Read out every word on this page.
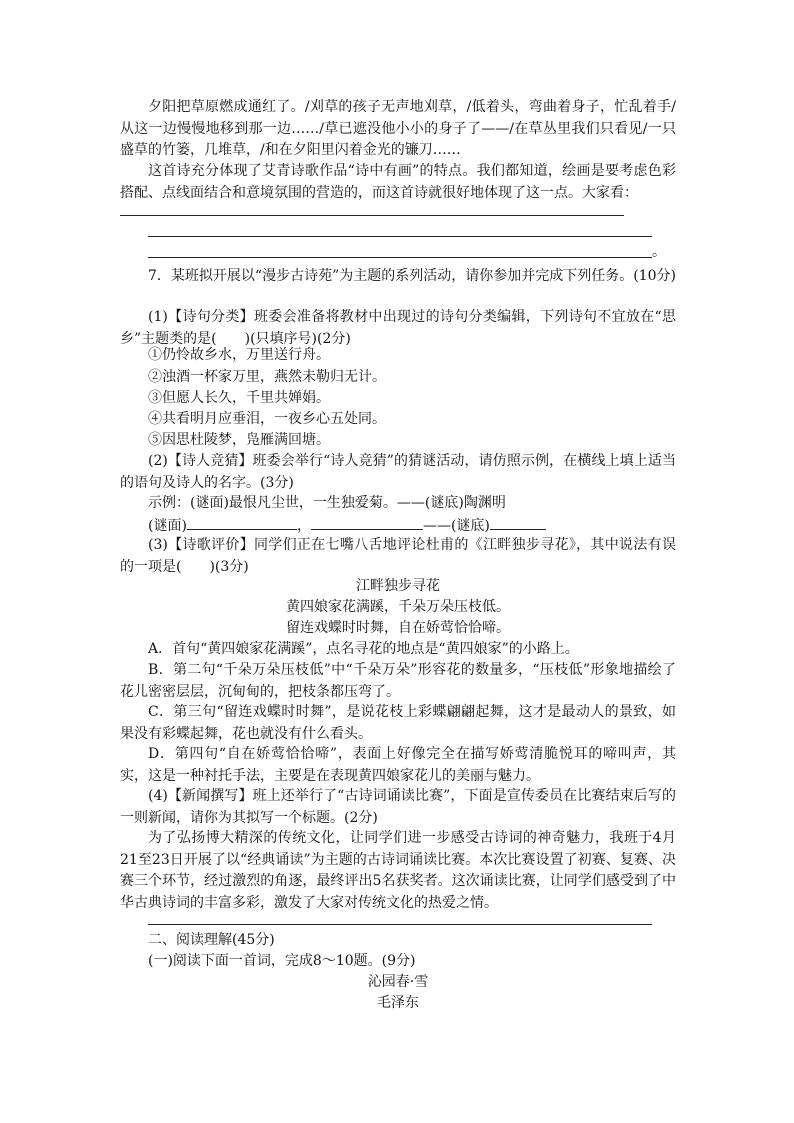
夕阳把草原燃成通红了。/刈草的孩子无声地刈草，/低着头，弯曲着身子，忙乱着手/从这一边慢慢地移到那一边……/草已遮没他小小的身子了——/在草丛里我们只看见/一只盛草的竹篓，几堆草，/和在夕阳里闪着金光的镰刀……

这首诗充分体现了艾青诗歌作品“诗中有画”的特点。我们都知道，绘画是要考虑色彩搭配、点线面结合和意境氛围的营造的，而这首诗就很好地体现了这一点。大家看：

。

7．某班拟开展以“漫步古诗苑”为主题的系列活动，请你参加并完成下列任务。(10分)

(1)【诗句分类】班委会准备将教材中出现过的诗句分类编辑，下列诗句不宜放在“思乡”主题类的是(　　)(只填序号)(2分)

①仍怜故乡水，万里送行舟。
②浊酒一杯家万里，燕然未勒归无计。
③但愿人长久，千里共婵娟。
④共看明月应垂泪，一夜乡心五处同。
⑤因思杜陵梦，凫雁满回塘。

(2)【诗人竞猜】班委会举行“诗人竞猜”的猜谜活动，请仿照示例，在横线上填上适当的语句及诗人的名字。(3分)

示例：(谜面)最恨凡尘世，一生独爱菊。——(谜底)陶渊明
(谜面)	，	——(谜底)

(3)【诗歌评价】同学们正在七嘴八舌地评论杜甫的《江畔独步寻花》，其中说法有误的一项是(　　)(3分)

江畔独步寻花
黄四娘家花满蹊，千朵万朵压枝低。
留连戏蝶时时舞，自在娇莺恰恰啼。

A．首句“黄四娘家花满蹊”，点名寻花的地点是“黄四娘家”的小路上。

B．第二句“千朵万朵压枝低”中“千朵万朵”形容花的数量多，“压枝低”形象地描绘了花儿密密层层，沉甸甸的，把枝条都压弯了。

C．第三句“留连戏蝶时时舞”，是说花枝上彩蝶翩翩起舞，这才是最动人的景致，如果没有彩蝶起舞，花也就没有什么看头。

D．第四句“自在娇莺恰恰啼”，表面上好像完全在描写娇莺清脆悦耳的啼叫声，其实，这是一种衬托手法，主要是在表现黄四娘家花儿的美丽与魅力。

(4)【新闻撰写】班上还举行了“古诗词诵读比赛”，下面是宣传委员在比赛结束后写的一则新闻，请你为其拟写一个标题。(2分)

为了弘扬博大精深的传统文化，让同学们进一步感受古诗词的神奇魅力，我班于4月21至23日开展了以“经典诵读”为主题的古诗词诵读比赛。本次比赛设置了初赛、复赛、决赛三个环节，经过激烈的角逐，最终评出5名获奖者。这次诵读比赛，让同学们感受到了中华古典诗词的丰富多彩，激发了大家对传统文化的热爱之情。

二、阅读理解(45分)
(一)阅读下面一首词，完成8～10题。(9分)
沁园春·雪
毛泽东
